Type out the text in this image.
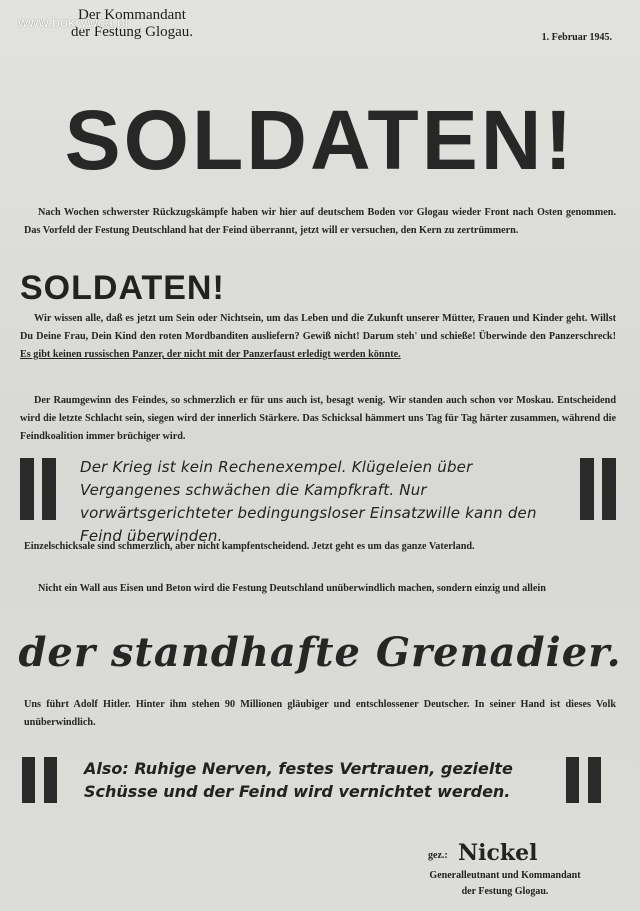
Der Kommandant
der Festung Glogau.
www.bokrywca.pl
1. Februar 1945.
SOLDATEN!
Nach Wochen schwerster Rückzugskämpfe haben wir hier auf deutschem Boden vor Glogau wieder Front nach Osten genommen. Das Vorfeld der Festung Deutschland hat der Feind überrannt, jetzt will er versuchen, den Kern zu zertrümmern.
SOLDATEN!
Wir wissen alle, daß es jetzt um Sein oder Nichtsein, um das Leben und die Zukunft unserer Mütter, Frauen und Kinder geht. Willst Du Deine Frau, Dein Kind den roten Mordbanditen ausliefern? Gewiß nicht! Darum steh' und schieße! Überwinde den Panzerschreck! Es gibt keinen russischen Panzer, der nicht mit der Panzerfaust erledigt werden könnte.
Der Raumgewinn des Feindes, so schmerzlich er für uns auch ist, besagt wenig. Wir standen auch schon vor Moskau. Entscheidend wird die letzte Schlacht sein, siegen wird der innerlich Stärkere. Das Schicksal hämmert uns Tag für Tag härter zusammen, während die Feindkoalition immer brüchiger wird.
Der Krieg ist kein Rechenexempel. Klügeleien über Vergangenes schwächen die Kampfkraft. Nur vorwärtsgerichteter bedingungsloser Einsatzwille kann den Feind überwinden.
Einzelschicksale sind schmerzlich, aber nicht kampfentscheidend. Jetzt geht es um das ganze Vaterland.
Nicht ein Wall aus Eisen und Beton wird die Festung Deutschland unüberwindlich machen, sondern einzig und allein
der standhafte Grenadier.
Uns führt Adolf Hitler. Hinter ihm stehen 90 Millionen gläubiger und entschlossener Deutscher. In seiner Hand ist dieses Volk unüberwindlich.
Also: Ruhige Nerven, festes Vertrauen, gezielte Schüsse und der Feind wird vernichtet werden.
gez.: Nickel
Generalleutnant und Kommandant
der Festung Glogau.
